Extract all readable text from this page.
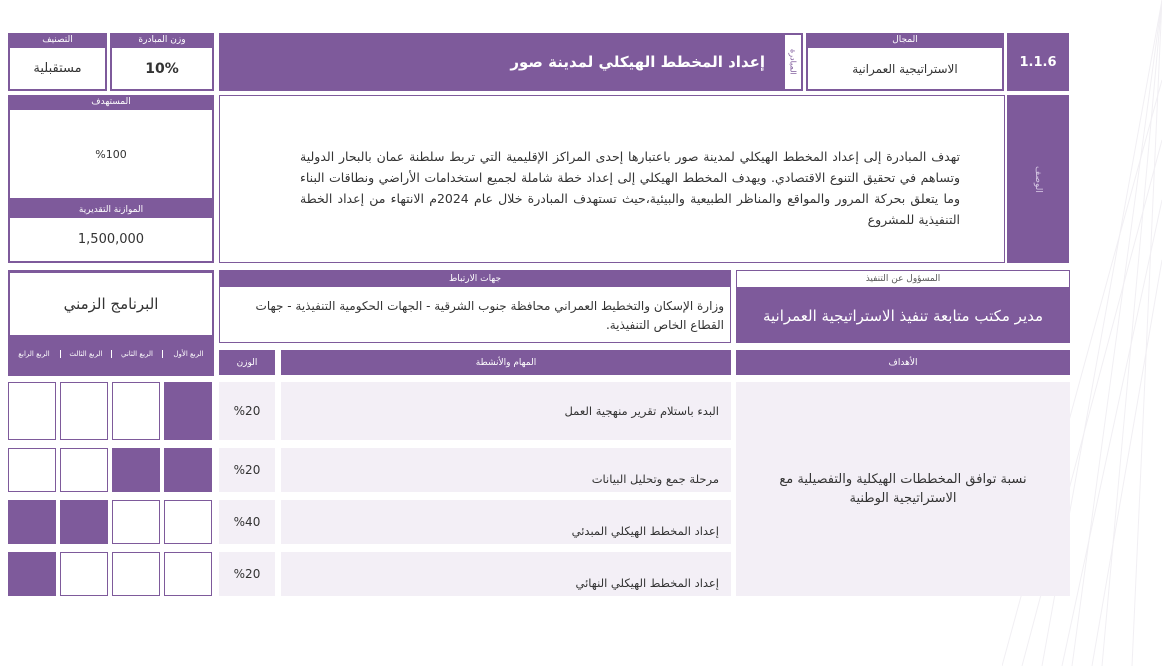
1.1.6
المجال
الاستراتيجية العمرانية
المبادرة
إعداد المخطط الهيكلي لمدينة صور
وزن المبادرة
10%
التصنيف
مستقبلية
الوصف
تهدف المبادرة إلى إعداد المخطط الهيكلي لمدينة صور باعتبارها إحدى المراكز الإقليمية التي تربط سلطنة عمان بالبحار الدولية وتساهم في تحقيق التنوع الاقتصادي. ويهدف المخطط الهيكلي إلى إعداد خطة شاملة لجميع استخدامات الأراضي ونطاقات البناء وما يتعلق بحركة المرور والمواقع والمناظر الطبيعية والبيئية،حيث تستهدف المبادرة خلال عام 2024م الانتهاء من إعداد الخطة التنفيذية للمشروع
المستهدف
%100
الموازنة التقديرية
1,500,000
المسؤول عن التنفيذ
مدير مكتب متابعة تنفيذ الاستراتيجية العمرانية
جهات الارتباط
وزارة الإسكان والتخطيط العمراني محافظة جنوب الشرقية - الجهات الحكومية التنفيذية - جهات القطاع الخاص التنفيذية.
البرنامج الزمني
الربع الأول
الربع الثاني
الربع الثالث
الربع الرابع
الأهداف
المهام والأنشطة
الوزن
نسبة توافق المخططات الهيكلية والتفصيلية مع الاستراتيجية الوطنية
البدء باستلام تقرير منهجية العمل
%20
مرحلة جمع وتحليل البيانات
%20
إعداد المخطط الهيكلي المبدئي
%40
إعداد المخطط الهيكلي النهائي
%20
